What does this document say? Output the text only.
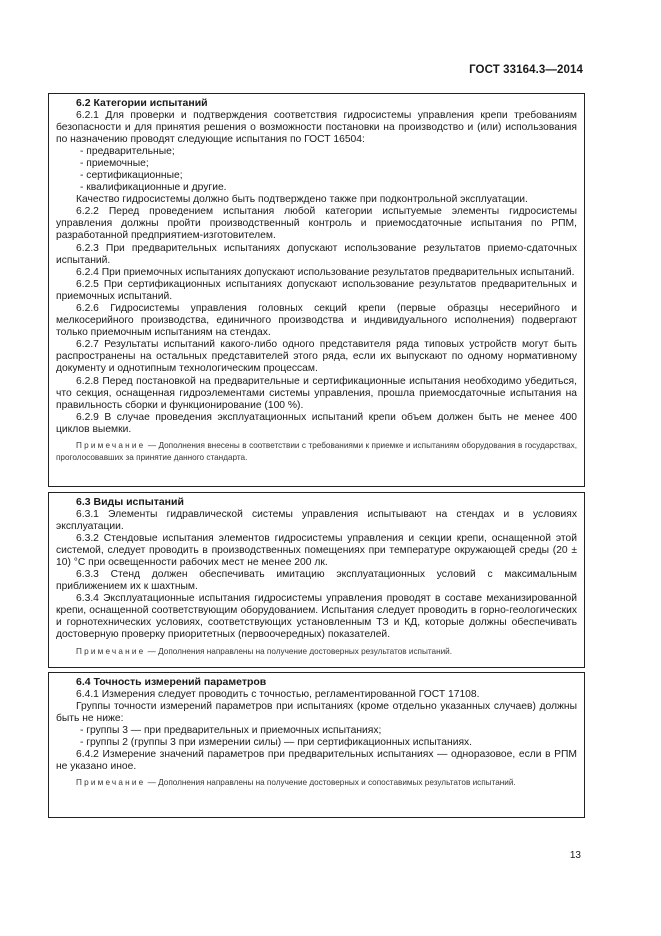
ГОСТ 33164.3—2014

6.2 Категории испытаний

6.2.1 Для проверки и подтверждения соответствия гидросистемы управления крепи требованиям безопасности и для принятия решения о возможности постановки на производство и (или) использования по назначению проводят следующие испытания по ГОСТ 16504:

- предварительные;

- приемочные;

- сертификационные;

- квалификационные и другие.

Качество гидросистемы должно быть подтверждено также при подконтрольной эксплуатации.

6.2.2 Перед проведением испытания любой категории испытуемые элементы гидросистемы управления должны пройти производственный контроль и приемосдаточные испытания по РПМ, разработанной предприятием-изготовителем.

6.2.3 При предварительных испытаниях допускают использование результатов приемо-сдаточных испытаний.

6.2.4 При приемочных испытаниях допускают использование результатов предварительных испытаний.

6.2.5 При сертификационных испытаниях допускают использование результатов предварительных и приемочных испытаний.

6.2.6 Гидросистемы управления головных секций крепи (первые образцы несерийного и мелкосерийного производства, единичного производства и индивидуального исполнения) подвергают только приемочным испытаниям на стендах.

6.2.7 Результаты испытаний какого-либо одного представителя ряда типовых устройств могут быть распространены на остальных представителей этого ряда, если их выпускают по одному нормативному документу и однотипным технологическим процессам.

6.2.8 Перед постановкой на предварительные и сертификационные испытания необходимо убедиться, что секция, оснащенная гидроэлементами системы управления, прошла приемосдаточные испытания на правильность сборки и функционирование (100 %).

6.2.9 В случае проведения эксплуатационных испытаний крепи объем должен быть не менее 400 циклов выемки.

Примечание — Дополнения внесены в соответствии с требованиями к приемке и испытаниям оборудования в государствах, проголосовавших за принятие данного стандарта.

6.3 Виды испытаний

6.3.1 Элементы гидравлической системы управления испытывают на стендах и в условиях эксплуатации.

6.3.2 Стендовые испытания элементов гидросистемы управления и секции крепи, оснащенной этой системой, следует проводить в производственных помещениях при температуре окружающей среды (20 ± 10) °С при освещенности рабочих мест не менее 200 лк.

6.3.3 Стенд должен обеспечивать имитацию эксплуатационных условий с максимальным приближением их к шахтным.

6.3.4 Эксплуатационные испытания гидросистемы управления проводят в составе механизированной крепи, оснащенной соответствующим оборудованием. Испытания следует проводить в горно-геологических и горнотехнических условиях, соответствующих установленным ТЗ и КД, которые должны обеспечивать достоверную проверку приоритетных (первоочередных) показателей.

Примечание — Дополнения направлены на получение достоверных результатов испытаний.

6.4 Точность измерений параметров

6.4.1 Измерения следует проводить с точностью, регламентированной ГОСТ 17108.

Группы точности измерений параметров при испытаниях (кроме отдельно указанных случаев) должны быть не ниже:

- группы 3 — при предварительных и приемочных испытаниях;

- группы 2 (группы 3 при измерении силы) — при сертификационных испытаниях.

6.4.2 Измерение значений параметров при предварительных испытаниях — одноразовое, если в РПМ не указано иное.

Примечание — Дополнения направлены на получение достоверных и сопоставимых результатов испытаний.

13
